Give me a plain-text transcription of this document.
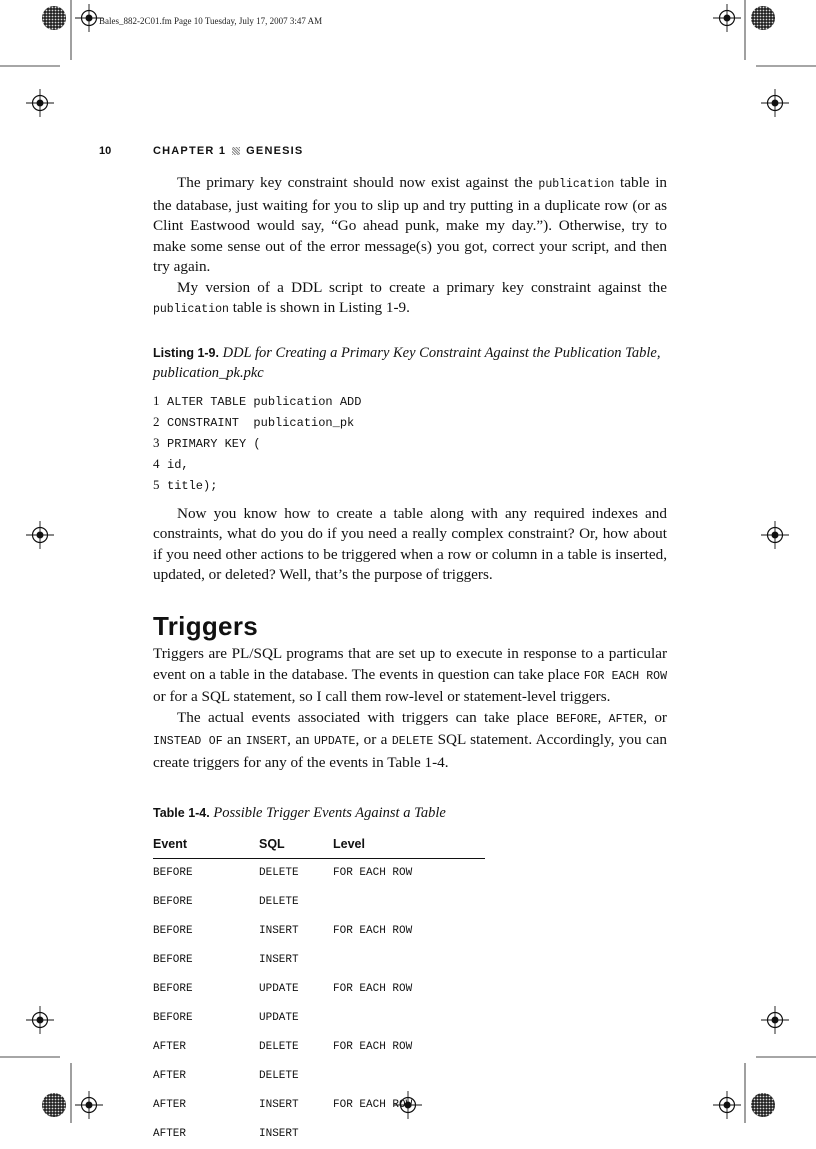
Bales_882-2C01.fm Page 10 Tuesday, July 17, 2007 3:47 AM
10	CHAPTER 1 GENESIS

The primary key constraint should now exist against the publication table in the database, just waiting for you to slip up and try putting in a duplicate row (or as Clint Eastwood would say, “Go ahead punk, make my day.”). Otherwise, try to make some sense out of the error message(s) you got, correct your script, and then try again.

My version of a DDL script to create a primary key constraint against the publication table is shown in Listing 1-9.

Listing 1-9. DDL for Creating a Primary Key Constraint Against the Publication Table, publication_pk.pkc
1 ALTER TABLE publication ADD
2 CONSTRAINT  publication_pk
3 PRIMARY KEY (
4 id,
5 title);

Now you know how to create a table along with any required indexes and constraints, what do you do if you need a really complex constraint? Or, how about if you need other actions to be triggered when a row or column in a table is inserted, updated, or deleted? Well, that’s the purpose of triggers.

Triggers

Triggers are PL/SQL programs that are set up to execute in response to a particular event on a table in the database. The events in question can take place FOR EACH ROW or for a SQL statement, so I call them row-level or statement-level triggers.

The actual events associated with triggers can take place BEFORE, AFTER, or INSTEAD OF an INSERT, an UPDATE, or a DELETE SQL statement. Accordingly, you can create triggers for any of the events in Table 1-4.

Table 1-4. Possible Trigger Events Against a Table
Event	SQL	Level
BEFORE	DELETE	FOR EACH ROW
BEFORE	DELETE	
BEFORE	INSERT	FOR EACH ROW
BEFORE	INSERT	
BEFORE	UPDATE	FOR EACH ROW
BEFORE	UPDATE	
AFTER	DELETE	FOR EACH ROW
AFTER	DELETE	
AFTER	INSERT	FOR EACH ROW
AFTER	INSERT	
